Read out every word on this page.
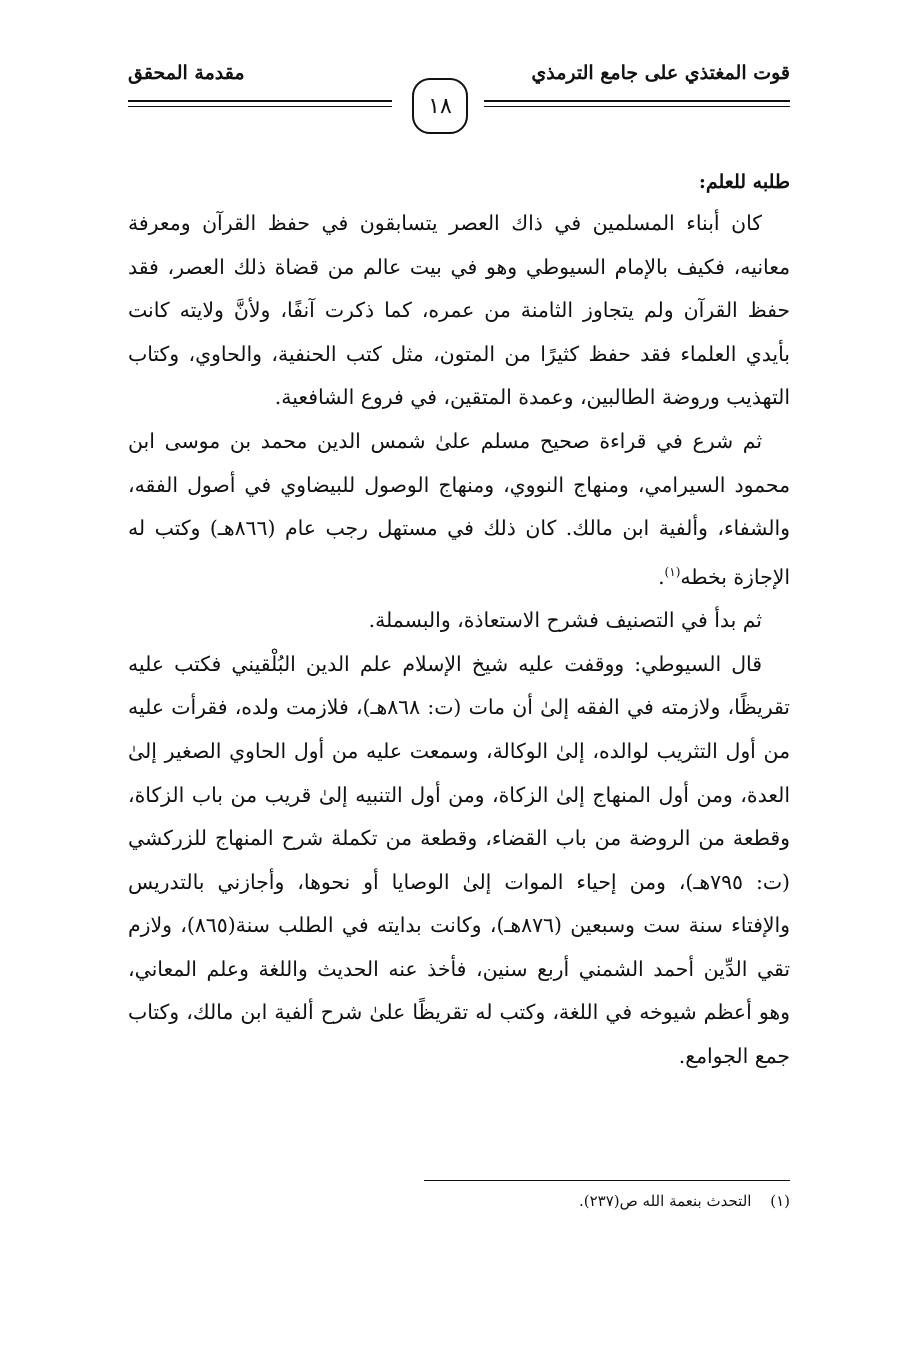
قوت المغتذي على جامع الترمذي
مقدمة المحقق
١٨
طلبه للعلم:

كان أبناء المسلمين في ذاك العصر يتسابقون في حفظ القرآن ومعرفة معانيه، فكيف بالإمام السيوطي وهو في بيت عالم من قضاة ذلك العصر، فقد حفظ القرآن ولم يتجاوز الثامنة من عمره، كما ذكرت آنفًا، ولأنَّ ولايته كانت بأيدي العلماء فقد حفظ كثيرًا من المتون، مثل كتب الحنفية، والحاوي، وكتاب التهذيب وروضة الطالبين، وعمدة المتقين، في فروع الشافعية.

ثم شرع في قراءة صحيح مسلم علىٰ شمس الدين محمد بن موسى ابن محمود السيرامي، ومنهاج النووي، ومنهاج الوصول للبيضاوي في أصول الفقه، والشفاء، وألفية ابن مالك. كان ذلك في مستهل رجب عام (٨٦٦هـ) وكتب له الإجازة بخطه$^{(١)}$.

ثم بدأ في التصنيف فشرح الاستعاذة، والبسملة.

قال السيوطي: ووقفت عليه شيخ الإسلام علم الدين البُلْقيني فكتب عليه تقريظًا، ولازمته في الفقه إلىٰ أن مات (ت: ٨٦٨هـ)، فلازمت ولده، فقرأت عليه من أول التثريب لوالده، إلىٰ الوكالة، وسمعت عليه من أول الحاوي الصغير إلىٰ العدة، ومن أول المنهاج إلىٰ الزكاة، ومن أول التنبيه إلىٰ قريب من باب الزكاة، وقطعة من الروضة من باب القضاء، وقطعة من تكملة شرح المنهاج للزركشي (ت: ٧٩٥هـ)، ومن إحياء الموات إلىٰ الوصايا أو نحوها، وأجازني بالتدريس والإفتاء سنة ست وسبعين (٨٧٦هـ)، وكانت بدايته في الطلب سنة(٨٦٥)، ولازم تقي الدِّين أحمد الشمني أربع سنين، فأخذ عنه الحديث واللغة وعلم المعاني، وهو أعظم شيوخه في اللغة، وكتب له تقريظًا علىٰ شرح ألفية ابن مالك، وكتاب جمع الجوامع.

(١) التحدث بنعمة الله ص(٢٣٧).
